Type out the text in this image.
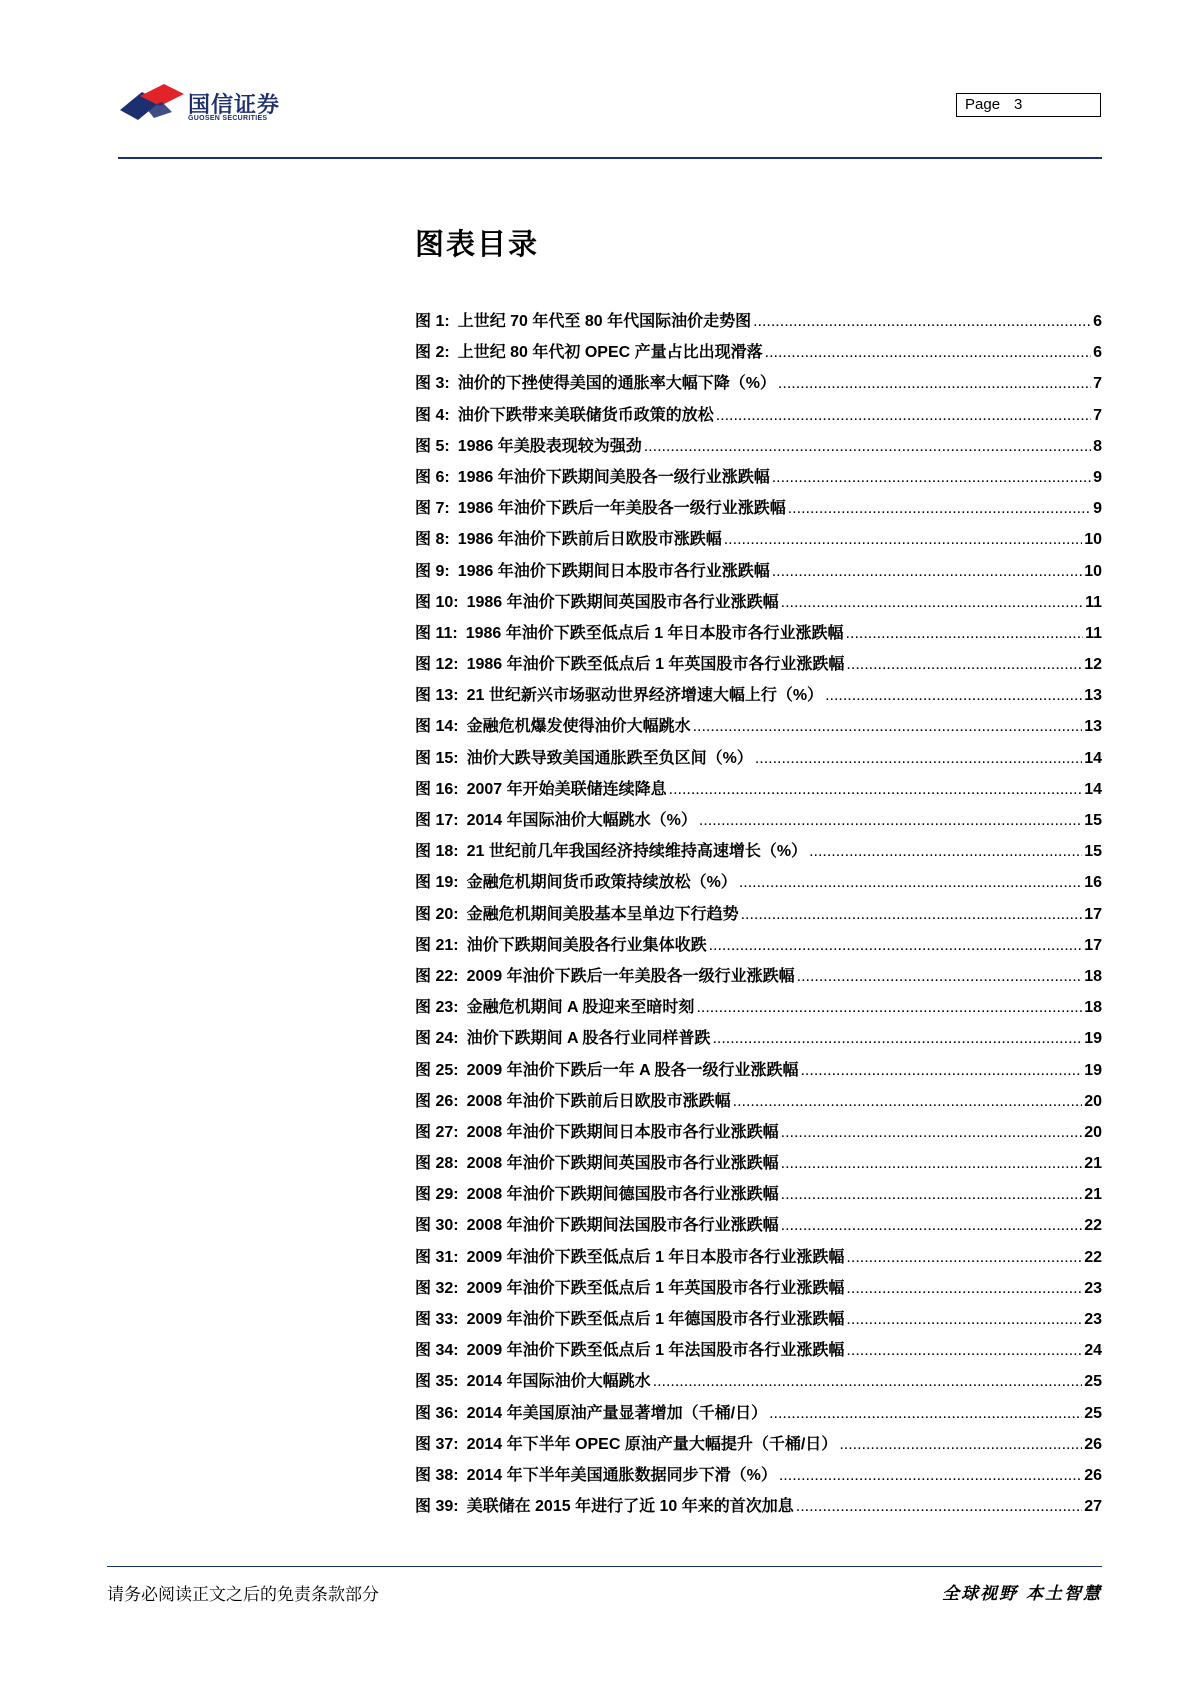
国信证券
GUOSEN SECURITIES
Page 3
图表目录
图 1: 上世纪 70 年代至 80 年代国际油价走势图 .....	6
图 2: 上世纪 80 年代初 OPEC 产量占比出现滑落 .....	6
图 3: 油价的下挫使得美国的通胀率大幅下降（%） .....	7
图 4: 油价下跌带来美联储货币政策的放松 .....	7
图 5: 1986 年美股表现较为强劲 .....	8
图 6: 1986 年油价下跌期间美股各一级行业涨跌幅 .....	9
图 7: 1986 年油价下跌后一年美股各一级行业涨跌幅 .....	9
图 8: 1986 年油价下跌前后日欧股市涨跌幅 .....	10
图 9: 1986 年油价下跌期间日本股市各行业涨跌幅 .....	10
图 10: 1986 年油价下跌期间英国股市各行业涨跌幅 .....	11
图 11: 1986 年油价下跌至低点后 1 年日本股市各行业涨跌幅 .....	11
图 12: 1986 年油价下跌至低点后 1 年英国股市各行业涨跌幅 .....	12
图 13: 21 世纪新兴市场驱动世界经济增速大幅上行（%） .....	13
图 14: 金融危机爆发使得油价大幅跳水 .....	13
图 15: 油价大跌导致美国通胀跌至负区间（%） .....	14
图 16: 2007 年开始美联储连续降息 .....	14
图 17: 2014 年国际油价大幅跳水（%） .....	15
图 18: 21 世纪前几年我国经济持续维持高速增长（%） .....	15
图 19: 金融危机期间货币政策持续放松（%） .....	16
图 20: 金融危机期间美股基本呈单边下行趋势 .....	17
图 21: 油价下跌期间美股各行业集体收跌 .....	17
图 22: 2009 年油价下跌后一年美股各一级行业涨跌幅 .....	18
图 23: 金融危机期间 A 股迎来至暗时刻 .....	18
图 24: 油价下跌期间 A 股各行业同样普跌 .....	19
图 25: 2009 年油价下跌后一年 A 股各一级行业涨跌幅 .....	19
图 26: 2008 年油价下跌前后日欧股市涨跌幅 .....	20
图 27: 2008 年油价下跌期间日本股市各行业涨跌幅 .....	20
图 28: 2008 年油价下跌期间英国股市各行业涨跌幅 .....	21
图 29: 2008 年油价下跌期间德国股市各行业涨跌幅 .....	21
图 30: 2008 年油价下跌期间法国股市各行业涨跌幅 .....	22
图 31: 2009 年油价下跌至低点后 1 年日本股市各行业涨跌幅 .....	22
图 32: 2009 年油价下跌至低点后 1 年英国股市各行业涨跌幅 .....	23
图 33: 2009 年油价下跌至低点后 1 年德国股市各行业涨跌幅 .....	23
图 34: 2009 年油价下跌至低点后 1 年法国股市各行业涨跌幅 .....	24
图 35: 2014 年国际油价大幅跳水 .....	25
图 36: 2014 年美国原油产量显著增加（千桶/日） .....	25
图 37: 2014 年下半年 OPEC 原油产量大幅提升（千桶/日） .....	26
图 38: 2014 年下半年美国通胀数据同步下滑（%） .....	26
图 39: 美联储在 2015 年进行了近 10 年来的首次加息 .....	27
请务必阅读正文之后的免责条款部分	全球视野 本土智慧
